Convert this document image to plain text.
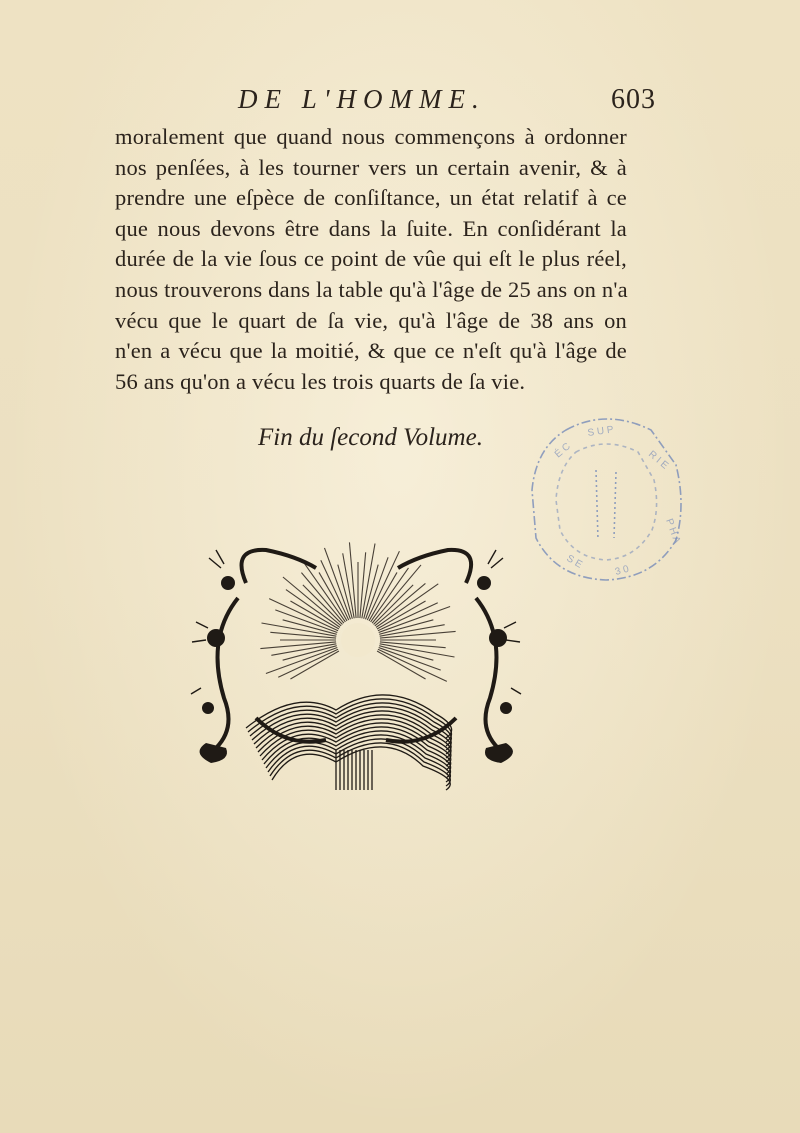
DE L'HOMME.	603
moralement que quand nous commençons à ordonner
nos penſées, à les tourner vers un certain avenir, & à
prendre une eſpèce de conſiſtance, un état relatif à ce
que nous devons être dans la ſuite. En conſidérant la
durée de la vie ſous ce point de vûe qui eſt le plus réel,
nous trouverons dans la table qu'à l'âge de 25 ans on n'a
vécu que le quart de ſa vie, qu'à l'âge de 38 ans on
n'en a vécu que la moitié, & que ce n'eſt qu'à l'âge de
56 ans qu'on a vécu les trois quarts de ſa vie.
Fin du ſecond Volume.	S U P
É C	R I E
P H A
S E
3 0
